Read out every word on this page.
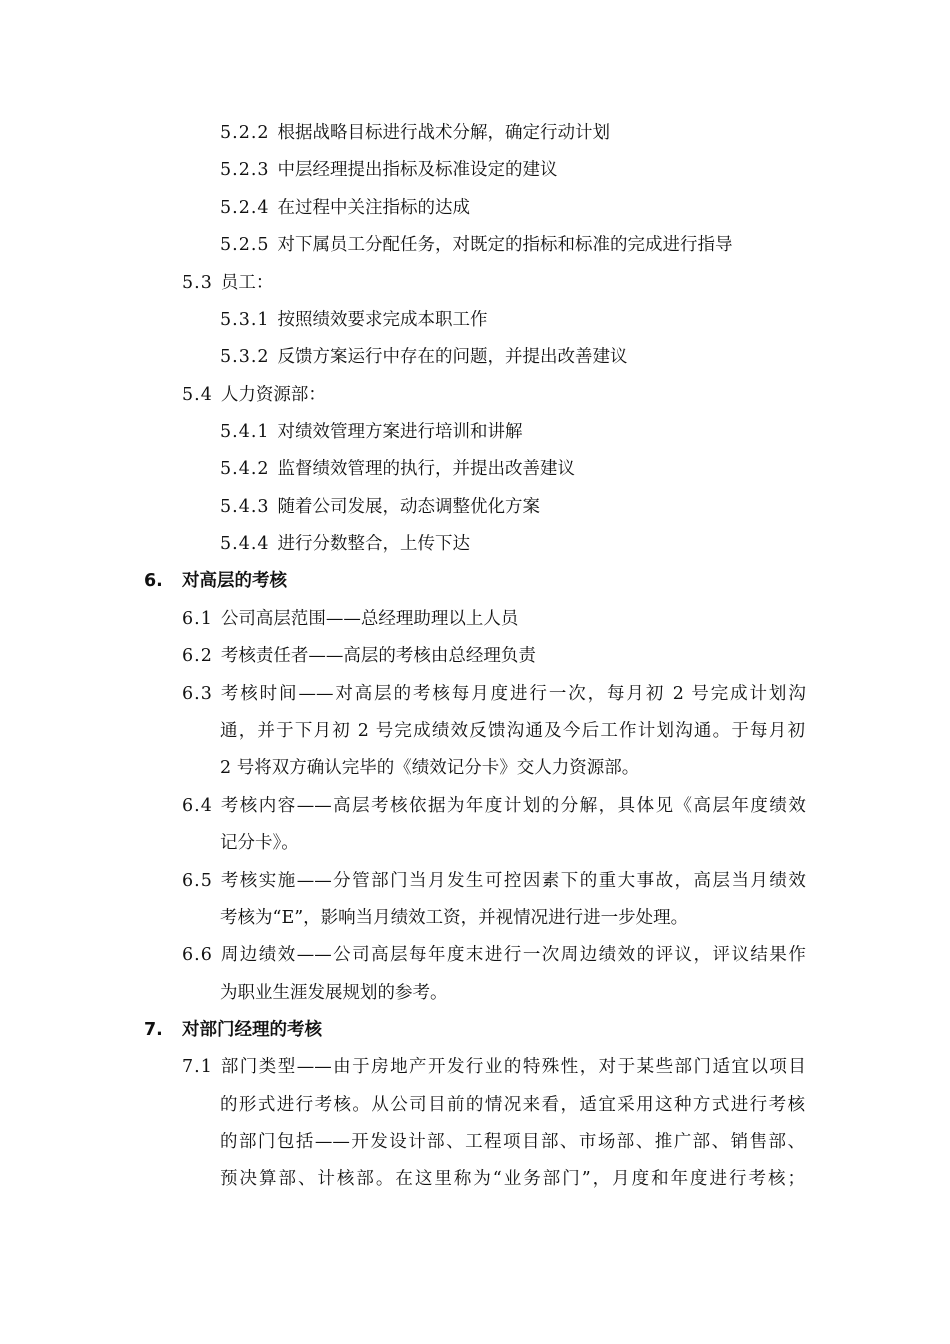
5.2.2 根据战略目标进行战术分解，确定行动计划
5.2.3 中层经理提出指标及标准设定的建议
5.2.4 在过程中关注指标的达成
5.2.5 对下属员工分配任务，对既定的指标和标准的完成进行指导
5.3 员工：
5.3.1 按照绩效要求完成本职工作
5.3.2 反馈方案运行中存在的问题，并提出改善建议
5.4 人力资源部：
5.4.1 对绩效管理方案进行培训和讲解
5.4.2 监督绩效管理的执行，并提出改善建议
5.4.3 随着公司发展，动态调整优化方案
5.4.4 进行分数整合，上传下达
6. 对高层的考核
6.1 公司高层范围——总经理助理以上人员
6.2 考核责任者——高层的考核由总经理负责
6.3 考核时间——对高层的考核每月度进行一次，每月初 2 号完成计划沟
通，并于下月初 2 号完成绩效反馈沟通及今后工作计划沟通。于每月初
2 号将双方确认完毕的《绩效记分卡》交人力资源部。
6.4 考核内容——高层考核依据为年度计划的分解，具体见《高层年度绩效
记分卡》。
6.5 考核实施——分管部门当月发生可控因素下的重大事故，高层当月绩效
考核为“E”，影响当月绩效工资，并视情况进行进一步处理。
6.6 周边绩效——公司高层每年度末进行一次周边绩效的评议，评议结果作
为职业生涯发展规划的参考。
7. 对部门经理的考核
7.1 部门类型——由于房地产开发行业的特殊性，对于某些部门适宜以项目
的形式进行考核。从公司目前的情况来看，适宜采用这种方式进行考核
的部门包括——开发设计部、工程项目部、市场部、推广部、销售部、
预决算部、计核部。在这里称为“业务部门”，月度和年度进行考核；
